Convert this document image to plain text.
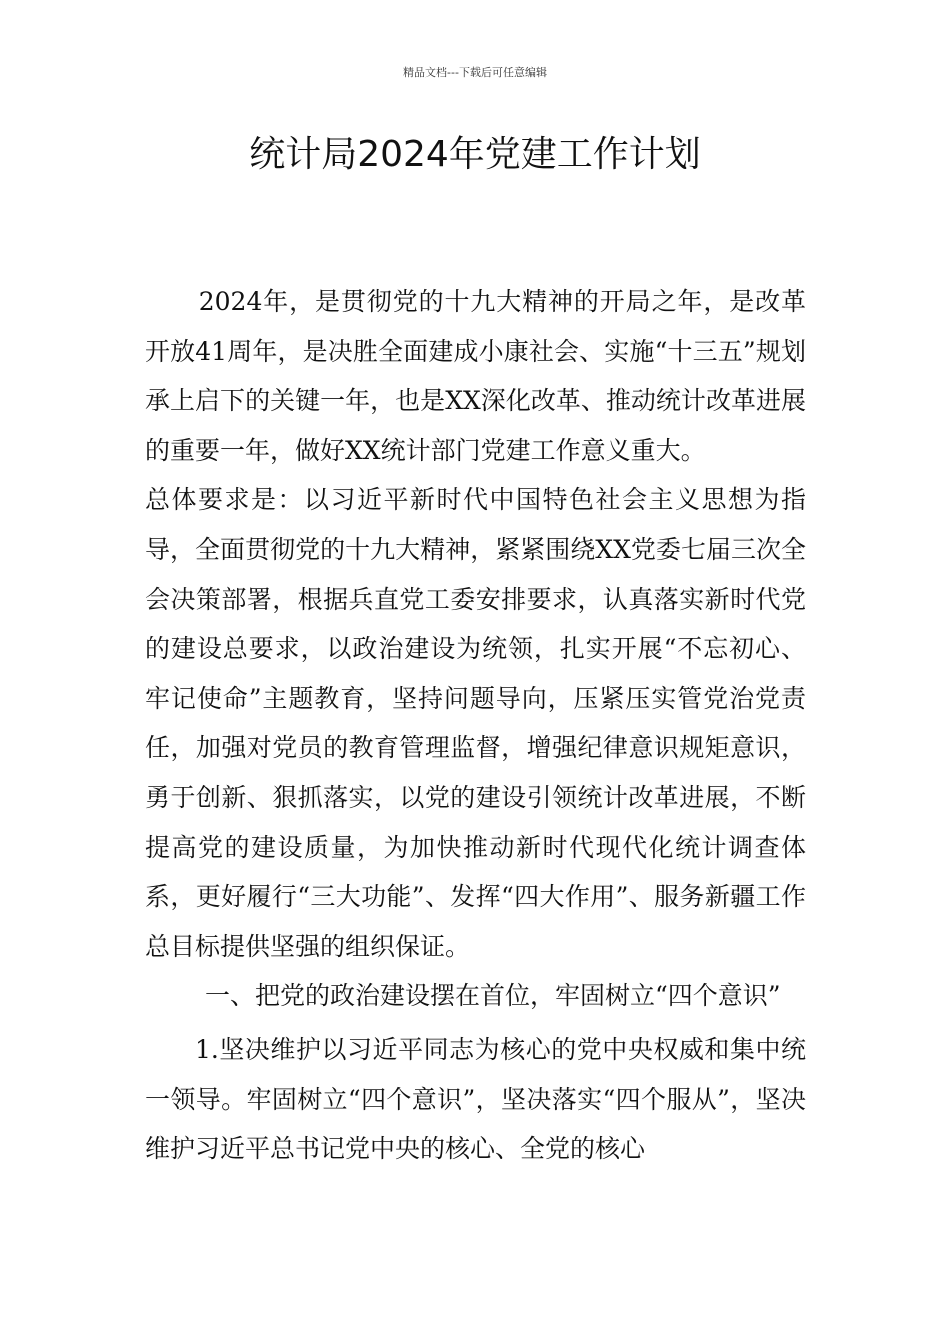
精品文档---下载后可任意编辑
统计局2024年党建工作计划

2024年，是贯彻党的十九大精神的开局之年，是改革开放41周年，是决胜全面建成小康社会、实施“十三五”规划承上启下的关键一年，也是XX深化改革、推动统计改革进展的重要一年，做好XX统计部门党建工作意义重大。

总体要求是：以习近平新时代中国特色社会主义思想为指导，全面贯彻党的十九大精神，紧紧围绕XX党委七届三次全会决策部署，根据兵直党工委安排要求，认真落实新时代党的建设总要求，以政治建设为统领，扎实开展“不忘初心、牢记使命”主题教育，坚持问题导向，压紧压实管党治党责任，加强对党员的教育管理监督，增强纪律意识规矩意识，勇于创新、狠抓落实，以党的建设引领统计改革进展，不断提高党的建设质量，为加快推动新时代现代化统计调查体系，更好履行“三大功能”、发挥“四大作用”、服务新疆工作总目标提供坚强的组织保证。

一、把党的政治建设摆在首位，牢固树立“四个意识”

1.坚决维护以习近平同志为核心的党中央权威和集中统一领导。牢固树立“四个意识”，坚决落实“四个服从”，坚决维护习近平总书记党中央的核心、全党的核心
